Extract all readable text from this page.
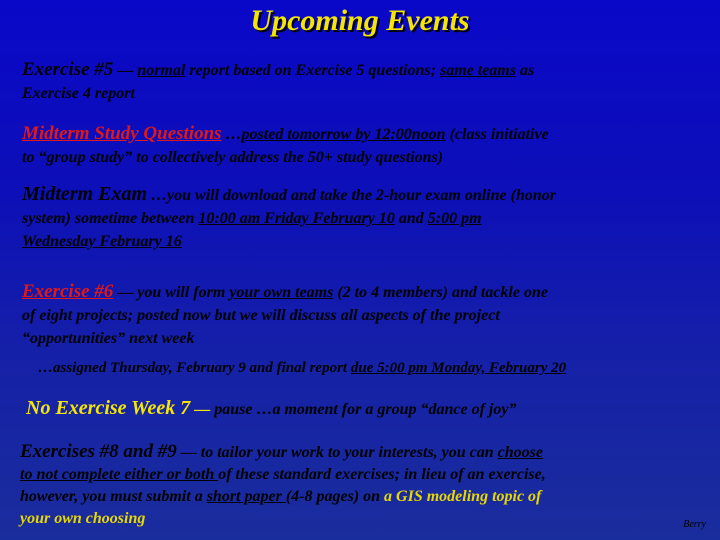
Upcoming Events
Exercise #5 — normal report based on Exercise 5 questions; same teams as
Exercise 4 report
Midterm Study Questions …posted tomorrow by 12:00noon (class initiative
to “group study” to collectively address the 50+ study questions)
Midterm Exam …you will download and take the 2-hour exam online (honor
system) sometime between 10:00 am Friday February 10 and 5:00 pm
Wednesday February 16
Exercise #6 — you will form your own teams (2 to 4 members) and tackle one
of eight projects; posted now but we will discuss all aspects of the project
“opportunities” next week
…assigned Thursday, February 9 and final report due 5:00 pm Monday, February 20
No Exercise Week 7 — pause …a moment for a group “dance of joy”
Exercises #8 and #9 — to tailor your work to your interests, you can choose
to not complete either or both of these standard exercises; in lieu of an exercise,
however, you must submit a short paper (4-8 pages) on a GIS modeling topic of
your own choosing	Berry
